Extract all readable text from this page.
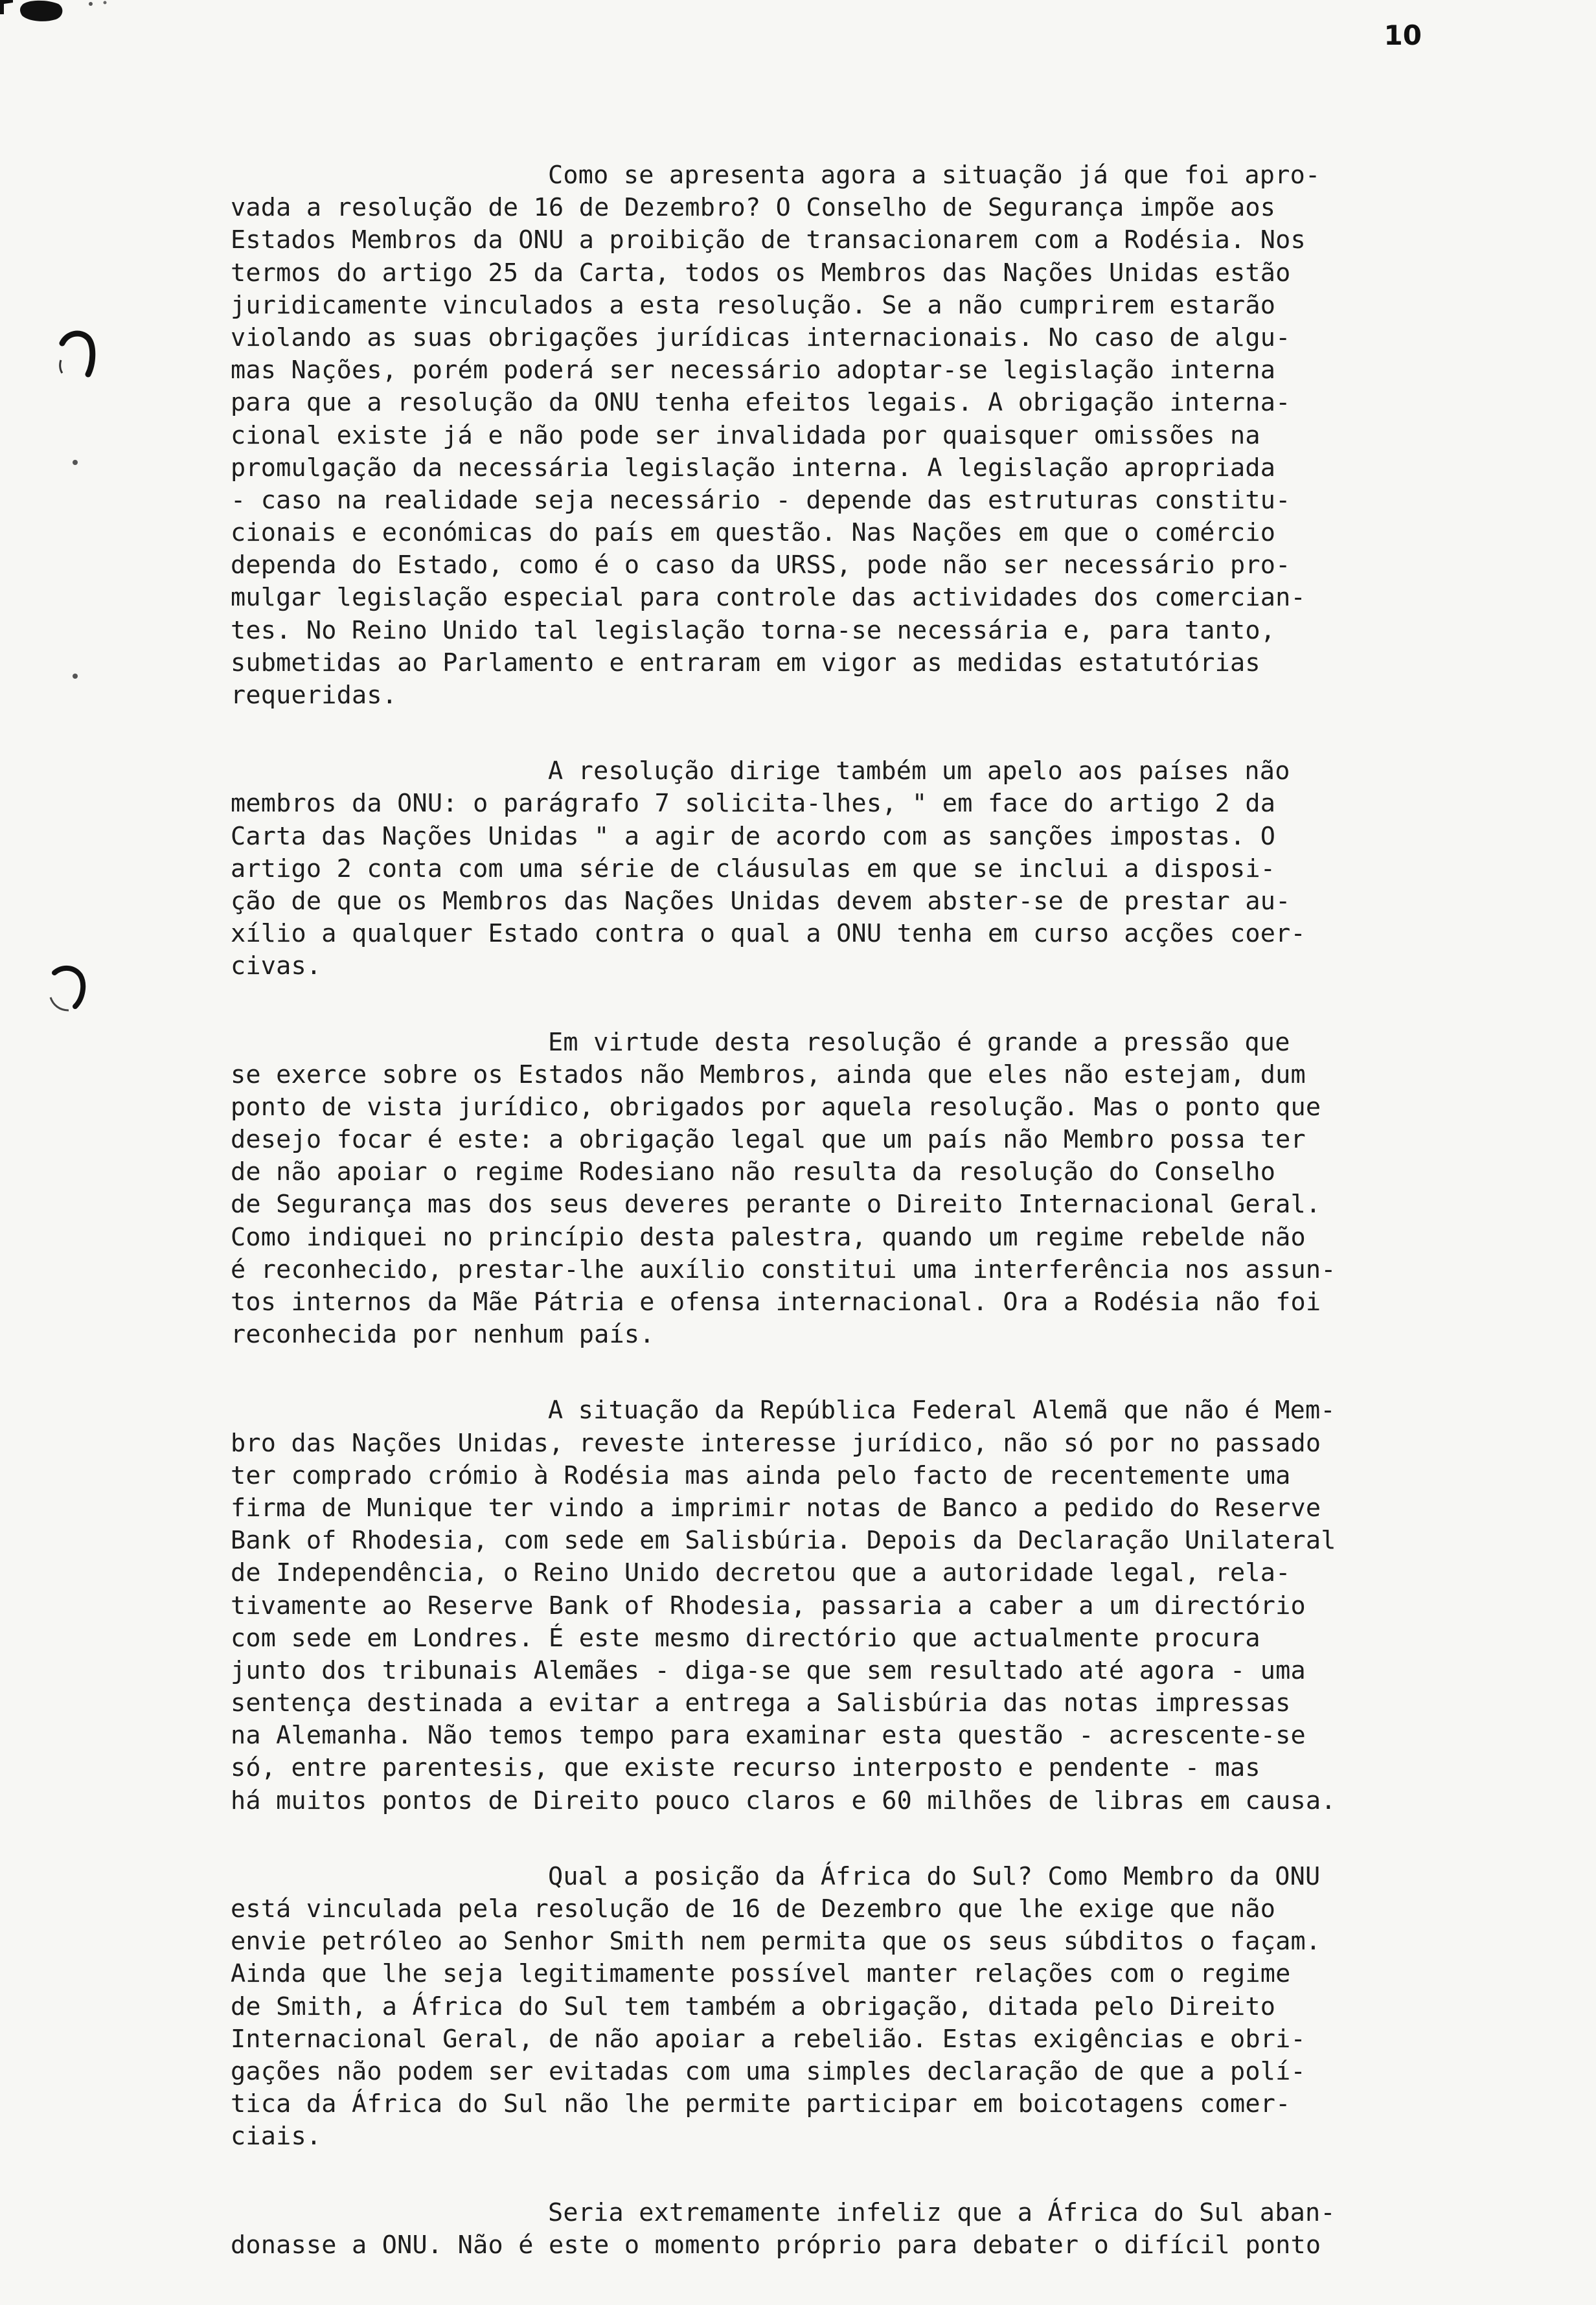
10
Como se apresenta agora a situação já que foi apro-
vada a resolução de 16 de Dezembro? O Conselho de Segurança impõe aos
Estados Membros da ONU a proibição de transacionarem com a Rodésia. Nos
termos do artigo 25 da Carta, todos os Membros das Nações Unidas estão
juridicamente vinculados a esta resolução. Se a não cumprirem estarão
violando as suas obrigações jurídicas internacionais. No caso de algu-
mas Nações, porém poderá ser necessário adoptar-se legislação interna
para que a resolução da ONU tenha efeitos legais. A obrigação interna-
cional existe já e não pode ser invalidada por quaisquer omissões na
promulgação da necessária legislação interna. A legislação apropriada
- caso na realidade seja necessário - depende das estruturas constitu-
cionais e económicas do país em questão. Nas Nações em que o comércio
dependa do Estado, como é o caso da URSS, pode não ser necessário pro-
mulgar legislação especial para controle das actividades dos comercian-
tes. No Reino Unido tal legislação torna-se necessária e, para tanto,
submetidas ao Parlamento e entraram em vigor as medidas estatutórias
requeridas.
A resolução dirige também um apelo aos países não
membros da ONU: o parágrafo 7 solicita-lhes, " em face do artigo 2 da
Carta das Nações Unidas " a agir de acordo com as sanções impostas. O
artigo 2 conta com uma série de cláusulas em que se inclui a disposi-
ção de que os Membros das Nações Unidas devem abster-se de prestar au-
xílio a qualquer Estado contra o qual a ONU tenha em curso acções coer-
civas.
Em virtude desta resolução é grande a pressão que
se exerce sobre os Estados não Membros, ainda que eles não estejam, dum
ponto de vista jurídico, obrigados por aquela resolução. Mas o ponto que
desejo focar é este: a obrigação legal que um país não Membro possa ter
de não apoiar o regime Rodesiano não resulta da resolução do Conselho
de Segurança mas dos seus deveres perante o Direito Internacional Geral.
Como indiquei no princípio desta palestra, quando um regime rebelde não
é reconhecido, prestar-lhe auxílio constitui uma interferência nos assun-
tos internos da Mãe Pátria e ofensa internacional. Ora a Rodésia não foi
reconhecida por nenhum país.
A situação da República Federal Alemã que não é Mem-
bro das Nações Unidas, reveste interesse jurídico, não só por no passado
ter comprado crómio à Rodésia mas ainda pelo facto de recentemente uma
firma de Munique ter vindo a imprimir notas de Banco a pedido do Reserve
Bank of Rhodesia, com sede em Salisbúria. Depois da Declaração Unilateral
de Independência, o Reino Unido decretou que a autoridade legal, rela-
tivamente ao Reserve Bank of Rhodesia, passaria a caber a um directório
com sede em Londres. É este mesmo directório que actualmente procura
junto dos tribunais Alemães - diga-se que sem resultado até agora - uma
sentença destinada a evitar a entrega a Salisbúria das notas impressas
na Alemanha. Não temos tempo para examinar esta questão - acrescente-se
só, entre parentesis, que existe recurso interposto e pendente - mas
há muitos pontos de Direito pouco claros e 60 milhões de libras em causa.
Qual a posição da África do Sul? Como Membro da ONU
está vinculada pela resolução de 16 de Dezembro que lhe exige que não
envie petróleo ao Senhor Smith nem permita que os seus súbditos o façam.
Ainda que lhe seja legitimamente possível manter relações com o regime
de Smith, a África do Sul tem também a obrigação, ditada pelo Direito
Internacional Geral, de não apoiar a rebelião. Estas exigências e obri-
gações não podem ser evitadas com uma simples declaração de que a polí-
tica da África do Sul não lhe permite participar em boicotagens comer-
ciais.
Seria extremamente infeliz que a África do Sul aban-
donasse a ONU. Não é este o momento próprio para debater o difícil ponto
